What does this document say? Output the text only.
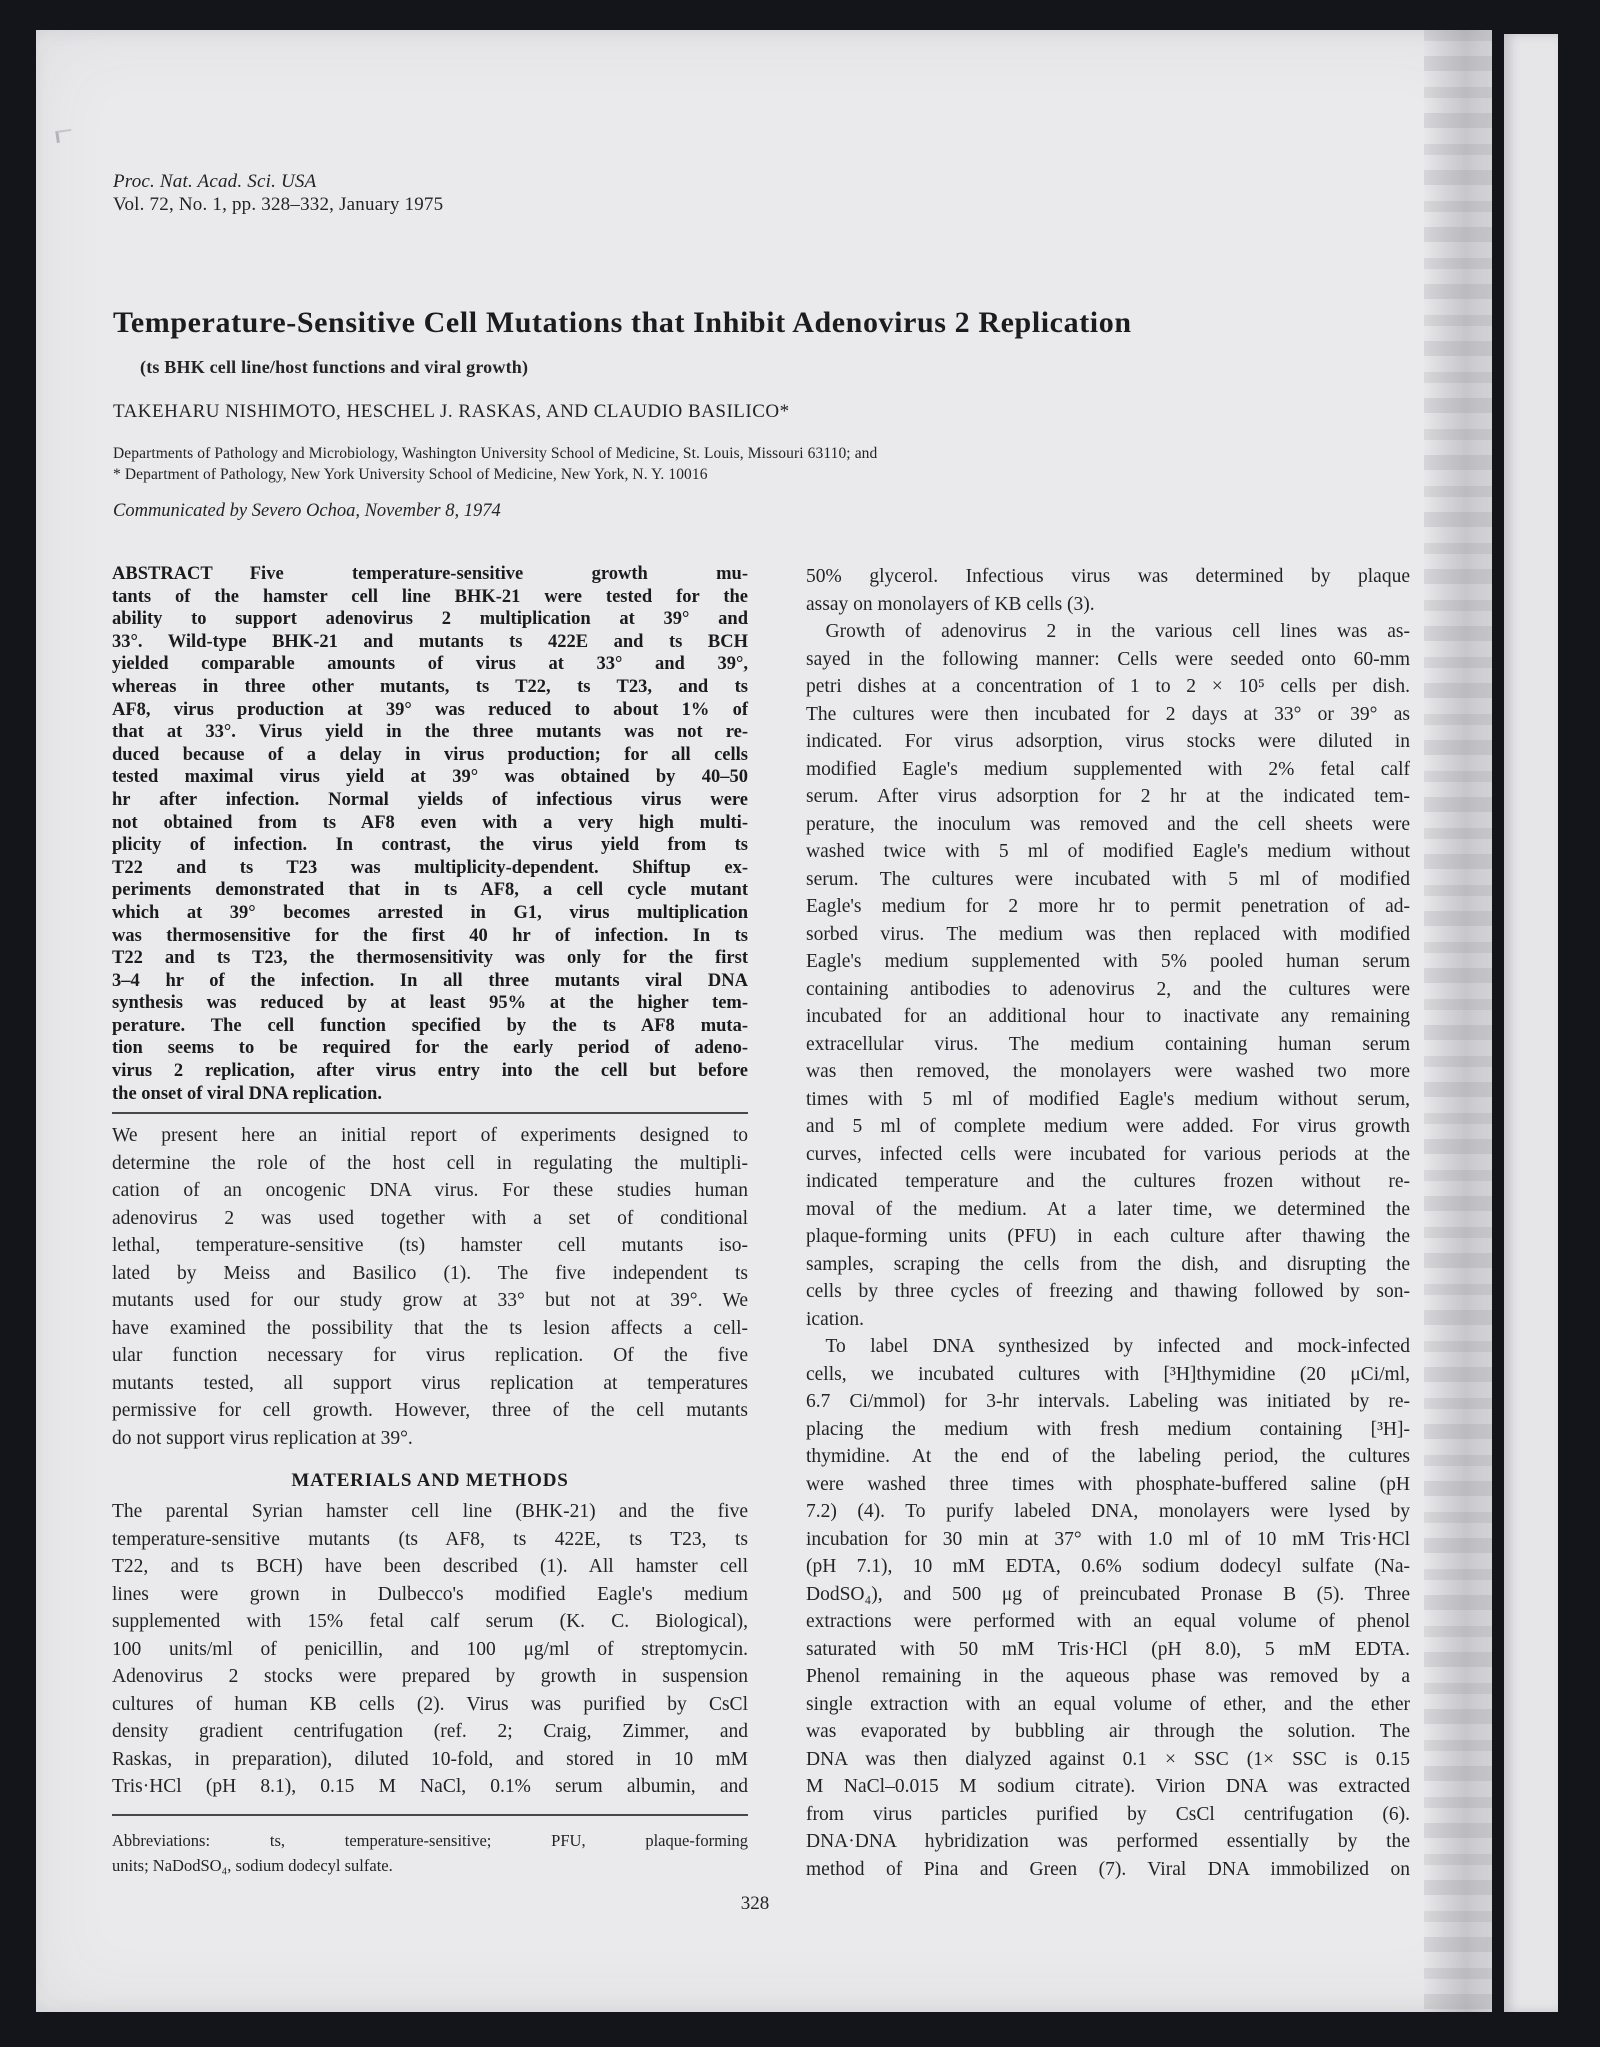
Proc. Nat. Acad. Sci. USA
Vol. 72, No. 1, pp. 328–332, January 1975
Temperature-Sensitive Cell Mutations that Inhibit Adenovirus 2 Replication
(ts BHK cell line/host functions and viral growth)
TAKEHARU NISHIMOTO, HESCHEL J. RASKAS, AND CLAUDIO BASILICO*
Departments of Pathology and Microbiology, Washington University School of Medicine, St. Louis, Missouri 63110; and
* Department of Pathology, New York University School of Medicine, New York, N. Y. 10016
Communicated by Severo Ochoa, November 8, 1974
ABSTRACT  Five temperature-sensitive growth mu-
tants of the hamster cell line BHK-21 were tested for the
ability to support adenovirus 2 multiplication at 39° and
33°. Wild-type BHK-21 and mutants ts 422E and ts BCH
yielded comparable amounts of virus at 33° and 39°,
whereas in three other mutants, ts T22, ts T23, and ts
AF8, virus production at 39° was reduced to about 1% of
that at 33°. Virus yield in the three mutants was not re-
duced because of a delay in virus production; for all cells
tested maximal virus yield at 39° was obtained by 40–50
hr after infection. Normal yields of infectious virus were
not obtained from ts AF8 even with a very high multi-
plicity of infection. In contrast, the virus yield from ts
T22 and ts T23 was multiplicity-dependent. Shiftup ex-
periments demonstrated that in ts AF8, a cell cycle mutant
which at 39° becomes arrested in G1, virus multiplication
was thermosensitive for the first 40 hr of infection. In ts
T22 and ts T23, the thermosensitivity was only for the first
3–4 hr of the infection. In all three mutants viral DNA
synthesis was reduced by at least 95% at the higher tem-
perature. The cell function specified by the ts AF8 muta-
tion seems to be required for the early period of adeno-
virus 2 replication, after virus entry into the cell but before
the onset of viral DNA replication.
We present here an initial report of experiments designed to
determine the role of the host cell in regulating the multipli-
cation of an oncogenic DNA virus. For these studies human
adenovirus 2 was used together with a set of conditional
lethal, temperature-sensitive (ts) hamster cell mutants iso-
lated by Meiss and Basilico (1). The five independent ts
mutants used for our study grow at 33° but not at 39°. We
have examined the possibility that the ts lesion affects a cell-
ular function necessary for virus replication. Of the five
mutants tested, all support virus replication at temperatures
permissive for cell growth. However, three of the cell mutants
do not support virus replication at 39°.
MATERIALS AND METHODS
The parental Syrian hamster cell line (BHK-21) and the five
temperature-sensitive mutants (ts AF8, ts 422E, ts T23, ts
T22, and ts BCH) have been described (1). All hamster cell
lines were grown in Dulbecco's modified Eagle's medium
supplemented with 15% fetal calf serum (K. C. Biological),
100 units/ml of penicillin, and 100 μg/ml of streptomycin.
Adenovirus 2 stocks were prepared by growth in suspension
cultures of human KB cells (2). Virus was purified by CsCl
density gradient centrifugation (ref. 2; Craig, Zimmer, and
Raskas, in preparation), diluted 10-fold, and stored in 10 mM
Tris·HCl (pH 8.1), 0.15 M NaCl, 0.1% serum albumin, and
Abbreviations: ts, temperature-sensitive; PFU, plaque-forming
units; NaDodSO₄, sodium dodecyl sulfate.
50% glycerol. Infectious virus was determined by plaque
assay on monolayers of KB cells (3).
 Growth of adenovirus 2 in the various cell lines was as-
sayed in the following manner: Cells were seeded onto 60-mm
petri dishes at a concentration of 1 to 2 × 10⁵ cells per dish.
The cultures were then incubated for 2 days at 33° or 39° as
indicated. For virus adsorption, virus stocks were diluted in
modified Eagle's medium supplemented with 2% fetal calf
serum. After virus adsorption for 2 hr at the indicated tem-
perature, the inoculum was removed and the cell sheets were
washed twice with 5 ml of modified Eagle's medium without
serum. The cultures were incubated with 5 ml of modified
Eagle's medium for 2 more hr to permit penetration of ad-
sorbed virus. The medium was then replaced with modified
Eagle's medium supplemented with 5% pooled human serum
containing antibodies to adenovirus 2, and the cultures were
incubated for an additional hour to inactivate any remaining
extracellular virus. The medium containing human serum
was then removed, the monolayers were washed two more
times with 5 ml of modified Eagle's medium without serum,
and 5 ml of complete medium were added. For virus growth
curves, infected cells were incubated for various periods at the
indicated temperature and the cultures frozen without re-
moval of the medium. At a later time, we determined the
plaque-forming units (PFU) in each culture after thawing the
samples, scraping the cells from the dish, and disrupting the
cells by three cycles of freezing and thawing followed by son-
ication.
 To label DNA synthesized by infected and mock-infected
cells, we incubated cultures with [³H]thymidine (20 μCi/ml,
6.7 Ci/mmol) for 3-hr intervals. Labeling was initiated by re-
placing the medium with fresh medium containing [³H]-
thymidine. At the end of the labeling period, the cultures
were washed three times with phosphate-buffered saline (pH
7.2) (4). To purify labeled DNA, monolayers were lysed by
incubation for 30 min at 37° with 1.0 ml of 10 mM Tris·HCl
(pH 7.1), 10 mM EDTA, 0.6% sodium dodecyl sulfate (Na-
DodSO₄), and 500 μg of preincubated Pronase B (5). Three
extractions were performed with an equal volume of phenol
saturated with 50 mM Tris·HCl (pH 8.0), 5 mM EDTA.
Phenol remaining in the aqueous phase was removed by a
single extraction with an equal volume of ether, and the ether
was evaporated by bubbling air through the solution. The
DNA was then dialyzed against 0.1 × SSC (1× SSC is 0.15
M NaCl–0.015 M sodium citrate). Virion DNA was extracted
from virus particles purified by CsCl centrifugation (6).
DNA·DNA hybridization was performed essentially by the
method of Pina and Green (7). Viral DNA immobilized on
328
